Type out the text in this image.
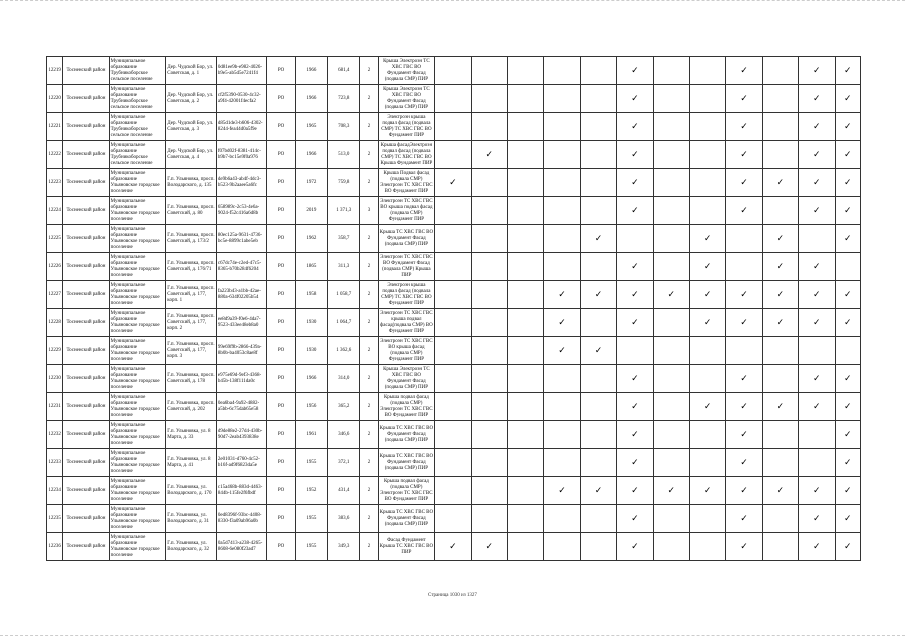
12219	Тосненский район	Муниципальное образование Трубникоборское сельское поселение	Дер. Чудской Бор, ул. Советская, д. 1	0d81ee9b-e982-4026-b9e5-ab5d5e7241f4	РО	1966	681,4	2	Крыша Электроэн ТС ХВС ГВС ВО Фундамент Фасад (подвала СМР) ПИР						✓			✓		✓	✓
12220	Тосненский район	Муниципальное образование Трубникоборское сельское поселение	Дер. Чудской Бор, ул. Советская, д. 2	cf2f5390-0530-4c32-a9f4-42001f4ecfa2	РО	1966	723,8	2	Крыша Электроэн ТС ХВС ГВС ВО Фундамент Фасад (подвала СМР) ПИР						✓			✓		✓	✓
12221	Тосненский район	Муниципальное образование Трубникоборское сельское поселение	Дер. Чудской Бор, ул. Советская, д. 3	d85d1de3-b606-4302-8244-fea44d0a5f9e	РО	1965	708,3	2	Электроэн крыша подвал фасад (подвала СМР) ТС ХВС ГВС ВО Фундамент ПИР						✓			✓		✓	✓
12222	Тосненский район	Муниципальное образование Трубникоборское сельское поселение	Дер. Чудской Бор, ул. Советская, д. 4	f07bd02f-8381-414c-b9b7-bc15e9f0a976	РО	1966	513,0	2	Крыша фасадЭлектроэн подвал фасад (подвала СМР) ТС ХВС ГВС ВО Крыша Фундамент ПИР		✓				✓			✓		✓	✓
12223	Тосненский район	Муниципальное образование Ульяновское городское поселение	Г.п. Ульяновка, просп. Володарского, д. 135	de9b6a43-ab4f-4dc3-b523-9b2aaee5a6fc	РО	1972	759,8	2	Крыша Подвал фасад (подвала СМР) Электроэн ТС ХВС ГВС ВО Фундамент ПИР	✓					✓			✓	✓	✓	✓
12224	Тосненский район	Муниципальное образование Ульяновское городское поселение	Г.п. Ульяновка, просп. Советский, д. 80	658989c-2c53-4e6a-9024-f52c416a6d8b	РО	2019	1 371,3	3	Электроэн ТС ХВС ГВС ВО крыша подвал фасад (подвала СМР) Фундамент ПИР						✓			✓		✓	✓
12225	Тосненский район	Муниципальное образование Ульяновское городское поселение	Г.п. Ульяновка, просп. Советский, д. 173/2	80ec125a-9631-4736-bc5e-8899c1abe5eb	РО	1962	358,7	2	Крыша ТС ХВС ГВС ВО Фундамент Фасад (подвала СМР) ПИР					✓			✓		✓		✓
12226	Тосненский район	Муниципальное образование Ульяновское городское поселение	Г.п. Ульяновка, просп. Советский, д. 176/71	c67dc74e-c2ed-47c5-8365-b70b284f6204	РО	1865	311,3	2	Электроэн ТС ХВС ГВС ВО Фундамент Фасад (подвала СМР) Крыша ПИР						✓		✓		✓	✓	
12227	Тосненский район	Муниципальное образование Ульяновское городское поселение	Г.п. Ульяновка, просп. Советский, д. 177, корп. 1	fa223b43-a1bb-42ae-880a-634f02205b54	РО	1958	1 058,7	2	Электроэн крыша подвал фасад (подвала СМР) ТС ХВС ГВС ВО Фундамент ПИР				✓	✓	✓	✓	✓	✓	✓	✓	✓
12228	Тосненский район	Муниципальное образование Ульяновское городское поселение	Г.п. Ульяновка, просп. Советский, д. 177, корп. 2	ee8d9a39-f0e6-4da7-9523-433ee48eb8a0	РО	1930	1 064,7	2	Электроэн ТС ХВС ГВС крыша подвал фасад(подвала СМР) ВО Фундамент ПИР				✓		✓		✓	✓	✓	✓	✓
12229	Тосненский район	Муниципальное образование Ульяновское городское поселение	Г.п. Ульяновка, просп. Советский, д. 177, корп. 3	99e69f9b-2866-439a-8b0b-ba4053c8ae8f	РО	1930	1 362,6	2	Электроэн ТС ХВС ГВС ВО крыша фасад (подвала СМР) Фундамент ПИР				✓	✓							
12230	Тосненский район	Муниципальное образование Ульяновское городское поселение	Г.п. Ульяновка, просп. Советский, д. 178	e975e69d-9ef3-4368-b45b-138f111da0c	РО	1966	314,0	2	Крыша Электроэн ТС ХВС ГВС ВО Фундамент Фасад (подвала СМР) ПИР						✓			✓		✓	✓
12231	Тосненский район	Муниципальное образование Ульяновское городское поселение	Г.п. Ульяновка, просп. Советский, д. 202	0ea6ba4-9a92-4882-a5bb-6c75dab65e58	РО	1956	365,2	2	Крыша подвал фасад (подвала СМР) Электроэн ТС ХВС ГВС ВО Фундамент ПИР						✓		✓	✓	✓	✓	✓
12232	Тосненский район	Муниципальное образование Ульяновское городское поселение	Г.п. Ульяновка, ул. 8 Марта, д. 33	d9de88e2-27d4-430b-90d7-2eab4393838e	РО	1961	346,6	2	Крыша ТС ХВС ГВС ВО Фундамент Фасад (подвала СМР) ПИР						✓			✓			✓
12233	Тосненский район	Муниципальное образование Ульяновское городское поселение	Г.п. Ульяновка, ул. 8 Марта, д. 41	2e01031-d760-4c52-b16f-ad9f6823da5e	РО	1955	372,1	2	Крыша ТС ХВС ГВС ВО Фундамент Фасад (подвала СМР) ПИР						✓			✓			✓
12234	Тосненский район	Муниципальное образование Ульяновское городское поселение	Г.п. Ульяновка, ул. Володарского, д. 170	c15a468b-883d-4463-844b-115fe2f6fbdf	РО	1952	431,4	2	Крыша подвал фасад (подвала СМР) Электроэн ТС ХВС ГВС ВО Фундамент ПИР				✓	✓	✓	✓	✓	✓	✓	✓	✓
12235	Тосненский район	Муниципальное образование Ульяновское городское поселение	Г.п. Ульяновка, ул. Володарского, д. 31	0ed8396f-93bc-4408-8330-f3a09ab96a0b	РО	1955	383,6	2	Крыша ТС ХВС ГВС ВО Фундамент Фасад (подвала СМР) ПИР						✓			✓		✓	✓
12236	Тосненский район	Муниципальное образование Ульяновское городское поселение	Г.п. Ульяновка, ул. Володарского, д. 32	0a5d7413-a238-4265-8608-6e080f23ad7	РО	1955	349,3	2	Фасад Фундамент Крыша ТС ХВС ГВС ВО ПИР	✓	✓				✓			✓		✓	✓
Страница 1030 из 1327
